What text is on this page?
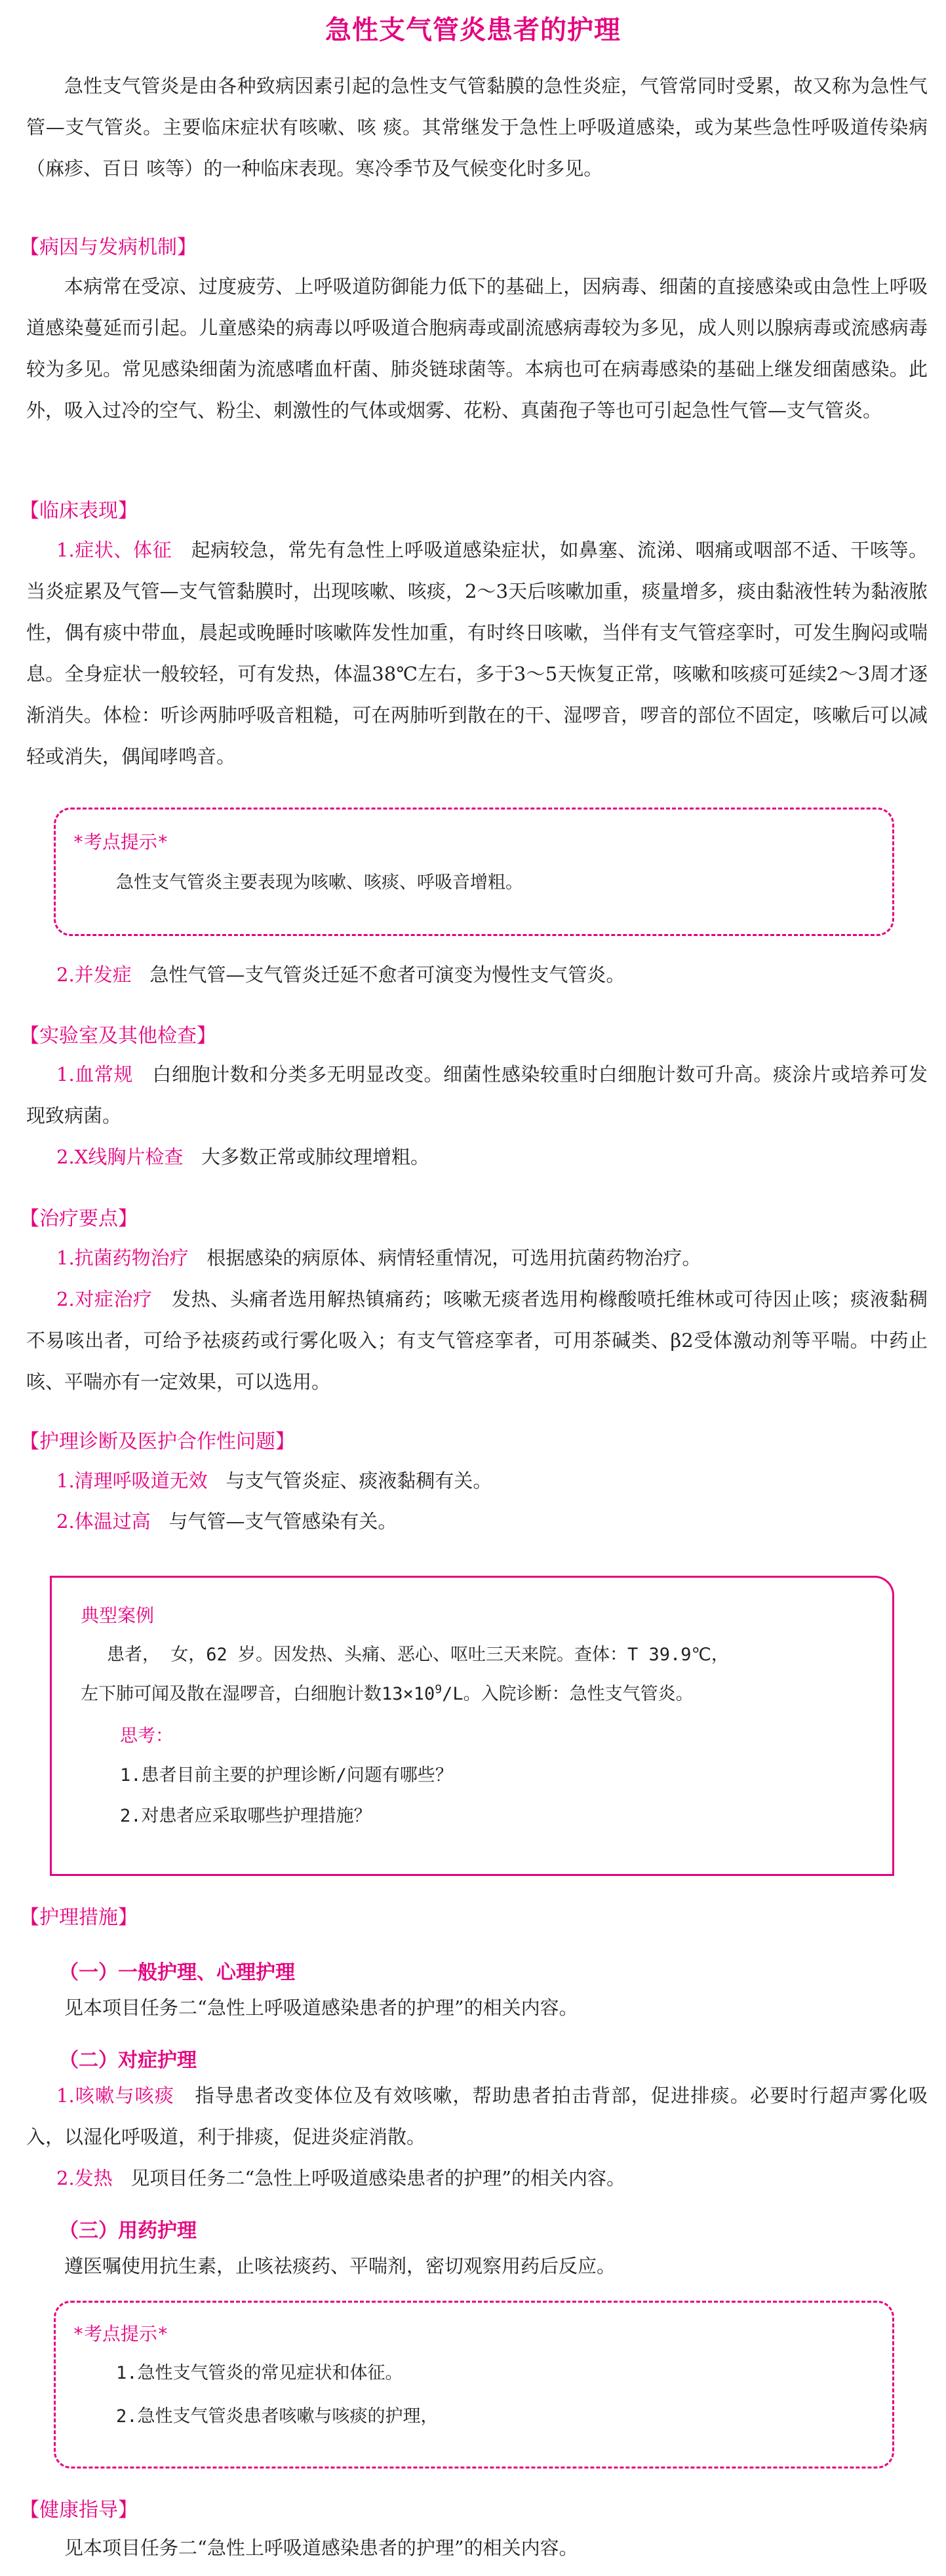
急性支气管炎患者的护理

急性支气管炎是由各种致病因素引起的急性支气管黏膜的急性炎症，气管常同时受累，故又称为急性气管—支气管炎。主要临床症状有咳嗽、咳 痰。其常继发于急性上呼吸道感染，或为某些急性呼吸道传染病（麻疹、百日 咳等）的一种临床表现。寒冷季节及气候变化时多见。

【病因与发病机制】

本病常在受凉、过度疲劳、上呼吸道防御能力低下的基础上，因病毒、细菌的直接感染或由急性上呼吸道感染蔓延而引起。儿童感染的病毒以呼吸道合胞病毒或副流感病毒较为多见，成人则以腺病毒或流感病毒较为多见。常见感染细菌为流感嗜血杆菌、肺炎链球菌等。本病也可在病毒感染的基础上继发细菌感染。此外，吸入过冷的空气、粉尘、刺激性的气体或烟雾、花粉、真菌孢子等也可引起急性气管—支气管炎。

【临床表现】

1.症状、体征 起病较急，常先有急性上呼吸道感染症状，如鼻塞、流涕、咽痛或咽部不适、干咳等。当炎症累及气管—支气管黏膜时，出现咳嗽、咳痰，2～3天后咳嗽加重，痰量增多，痰由黏液性转为黏液脓性，偶有痰中带血，晨起或晚睡时咳嗽阵发性加重，有时终日咳嗽，当伴有支气管痉挛时，可发生胸闷或喘息。全身症状一般较轻，可有发热，体温38℃左右，多于3～5天恢复正常，咳嗽和咳痰可延续2～3周才逐渐消失。体检：听诊两肺呼吸音粗糙，可在两肺听到散在的干、湿啰音，啰音的部位不固定，咳嗽后可以减轻或消失，偶闻哮鸣音。

*考点提示*

急性支气管炎主要表现为咳嗽、咳痰、呼吸音增粗。

2.并发症 急性气管—支气管炎迁延不愈者可演变为慢性支气管炎。

【实验室及其他检查】

1.血常规 白细胞计数和分类多无明显改变。细菌性感染较重时白细胞计数可升高。痰涂片或培养可发现致病菌。

2.X线胸片检查 大多数正常或肺纹理增粗。

【治疗要点】

1.抗菌药物治疗 根据感染的病原体、病情轻重情况，可选用抗菌药物治疗。

2.对症治疗 发热、头痛者选用解热镇痛药；咳嗽无痰者选用枸橼酸喷托维林或可待因止咳；痰液黏稠不易咳出者，可给予祛痰药或行雾化吸入；有支气管痉挛者，可用茶碱类、β2受体激动剂等平喘。中药止咳、平喘亦有一定效果，可以选用。

【护理诊断及医护合作性问题】

1.清理呼吸道无效 与支气管炎症、痰液黏稠有关。

2.体温过高 与气管—支气管感染有关。

典型案例

患者， 女，62 岁。因发热、头痛、恶心、呕吐三天来院。查体：T 39.9℃，

左下肺可闻及散在湿啰音，白细胞计数$13\times 10^9/L$。入院诊断：急性支气管炎。

思考：

1.患者目前主要的护理诊断/问题有哪些？

2.对患者应采取哪些护理措施？

【护理措施】
（一）一般护理、心理护理

见本项目任务二“急性上呼吸道感染患者的护理”的相关内容。

（二）对症护理

1.咳嗽与咳痰 指导患者改变体位及有效咳嗽，帮助患者拍击背部，促进排痰。必要时行超声雾化吸入，以湿化呼吸道，利于排痰，促进炎症消散。

2.发热 见项目任务二“急性上呼吸道感染患者的护理”的相关内容。

（三）用药护理

遵医嘱使用抗生素，止咳祛痰药、平喘剂，密切观察用药后反应。

*考点提示*

1.急性支气管炎的常见症状和体征。

2.急性支气管炎患者咳嗽与咳痰的护理，

【健康指导】

见本项目任务二“急性上呼吸道感染患者的护理”的相关内容。
